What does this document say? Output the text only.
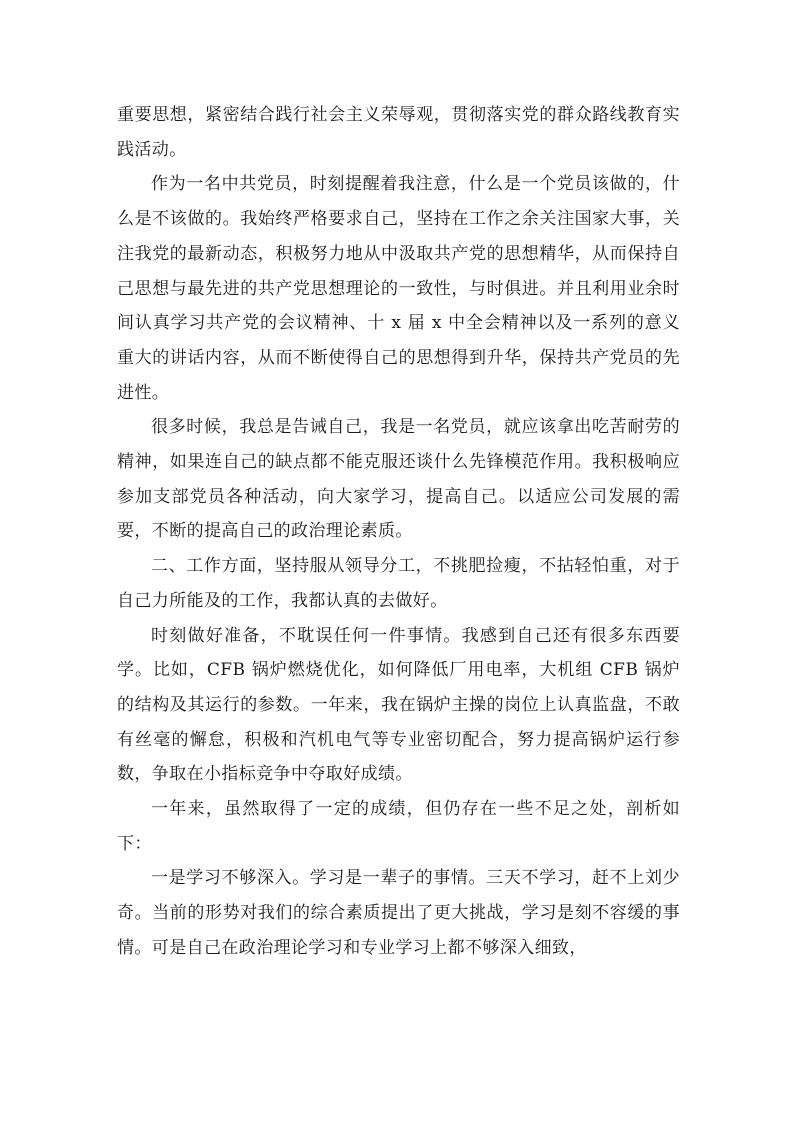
重要思想，紧密结合践行社会主义荣辱观，贯彻落实党的群众路线教育实践活动。

作为一名中共党员，时刻提醒着我注意，什么是一个党员该做的，什么是不该做的。我始终严格要求自己，坚持在工作之余关注国家大事，关注我党的最新动态，积极努力地从中汲取共产党的思想精华，从而保持自己思想与最先进的共产党思想理论的一致性，与时俱进。并且利用业余时间认真学习共产党的会议精神、十 x 届 x 中全会精神以及一系列的意义重大的讲话内容，从而不断使得自己的思想得到升华，保持共产党员的先进性。

很多时候，我总是告诫自己，我是一名党员，就应该拿出吃苦耐劳的精神，如果连自己的缺点都不能克服还谈什么先锋模范作用。我积极响应参加支部党员各种活动，向大家学习，提高自己。以适应公司发展的需要，不断的提高自己的政治理论素质。

二、工作方面，坚持服从领导分工，不挑肥捡瘦，不拈轻怕重，对于自己力所能及的工作，我都认真的去做好。

时刻做好准备，不耽误任何一件事情。我感到自己还有很多东西要学。比如，CFB 锅炉燃烧优化，如何降低厂用电率，大机组 CFB 锅炉的结构及其运行的参数。一年来，我在锅炉主操的岗位上认真监盘，不敢有丝毫的懈怠，积极和汽机电气等专业密切配合，努力提高锅炉运行参数，争取在小指标竞争中夺取好成绩。

一年来，虽然取得了一定的成绩，但仍存在一些不足之处，剖析如下：

一是学习不够深入。学习是一辈子的事情。三天不学习，赶不上刘少奇。当前的形势对我们的综合素质提出了更大挑战，学习是刻不容缓的事情。可是自己在政治理论学习和专业学习上都不够深入细致，
